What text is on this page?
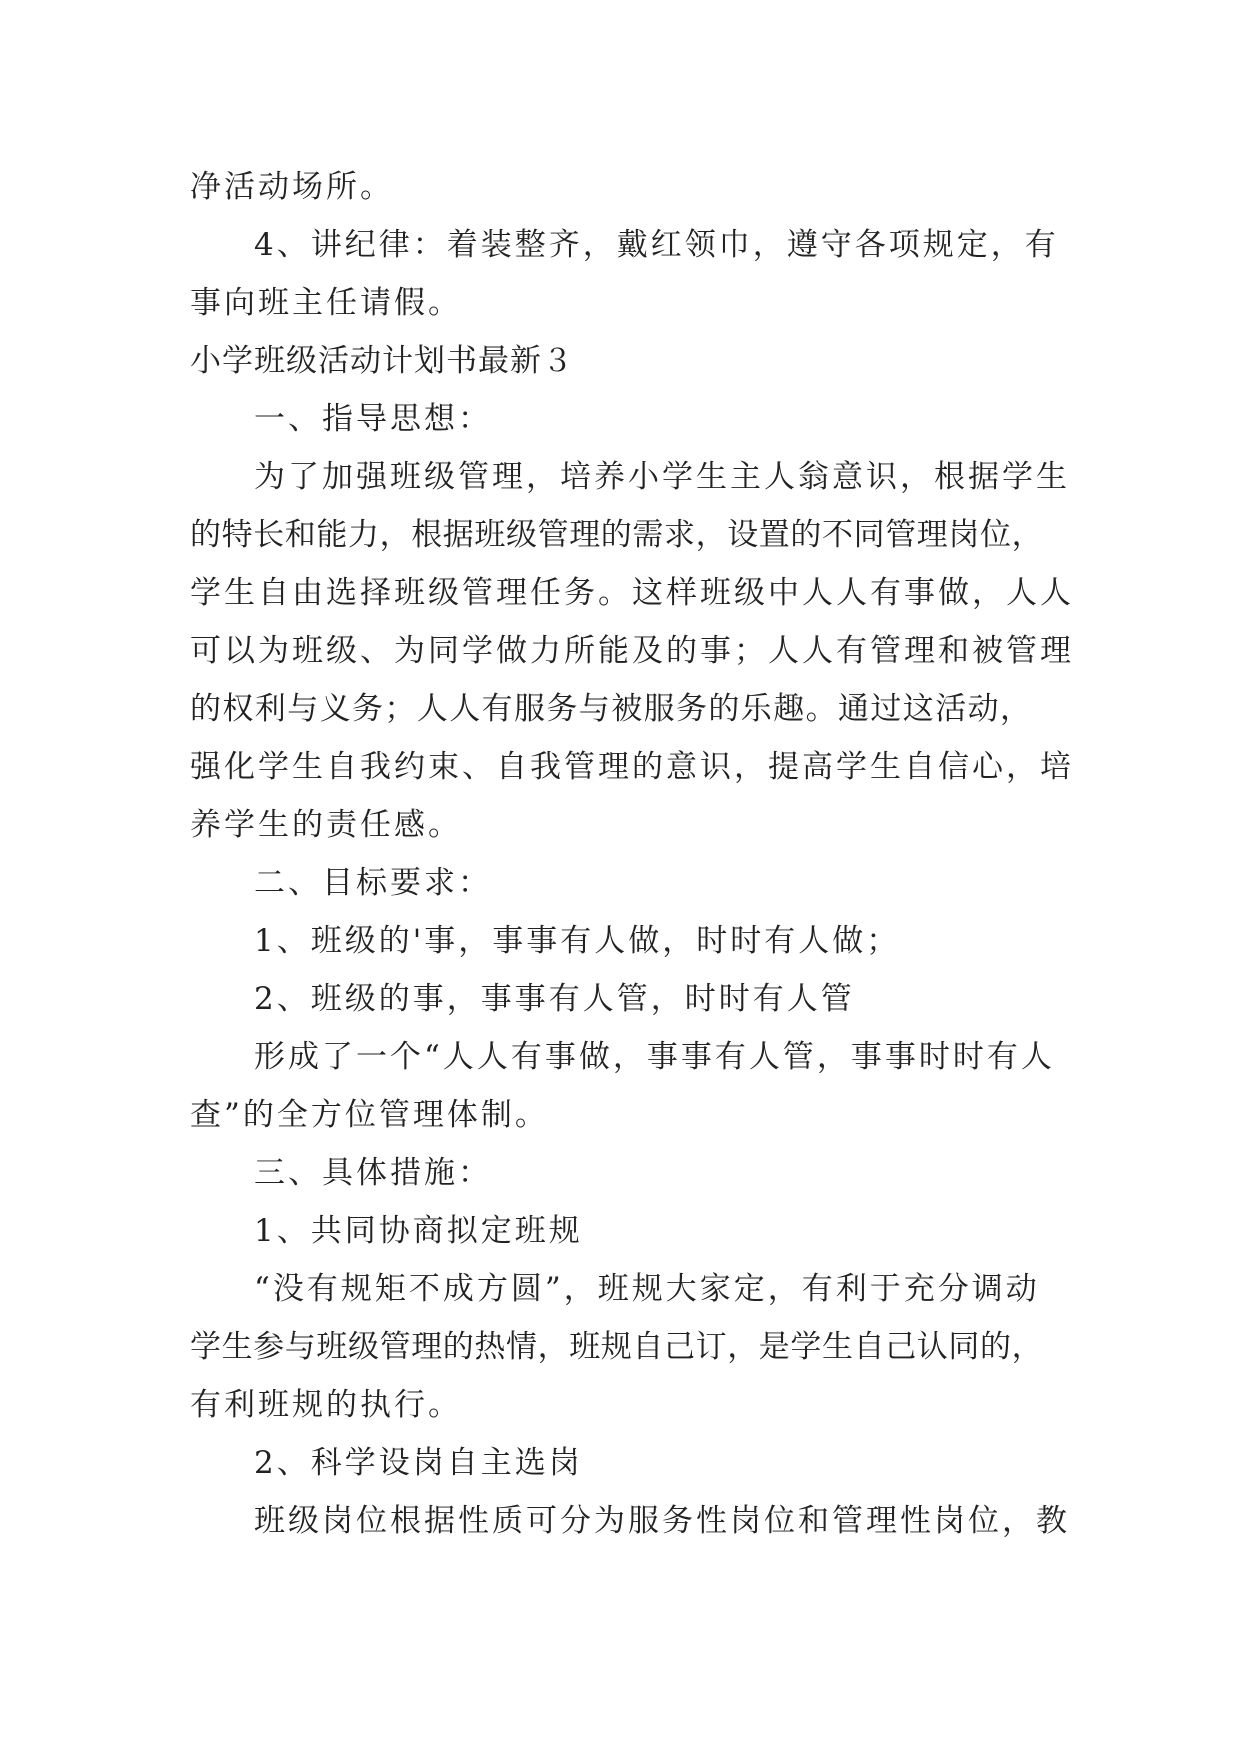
净活动场所。
4、讲纪律：着装整齐，戴红领巾，遵守各项规定，有
事向班主任请假。
小学班级活动计划书最新３
一、指导思想：
为了加强班级管理，培养小学生主人翁意识，根据学生
的特长和能力，根据班级管理的需求，设置的不同管理岗位，
学生自由选择班级管理任务。这样班级中人人有事做，人人
可以为班级、为同学做力所能及的事；人人有管理和被管理
的权利与义务；人人有服务与被服务的乐趣。通过这活动，
强化学生自我约束、自我管理的意识，提高学生自信心，培
养学生的责任感。
二、目标要求：
1、班级的'事，事事有人做，时时有人做；
2、班级的事，事事有人管，时时有人管
形成了一个“人人有事做，事事有人管，事事时时有人
查”的全方位管理体制。
三、具体措施：
1、共同协商拟定班规
“没有规矩不成方圆”，班规大家定，有利于充分调动
学生参与班级管理的热情，班规自己订，是学生自己认同的，
有利班规的执行。
2、科学设岗自主选岗
班级岗位根据性质可分为服务性岗位和管理性岗位，教
